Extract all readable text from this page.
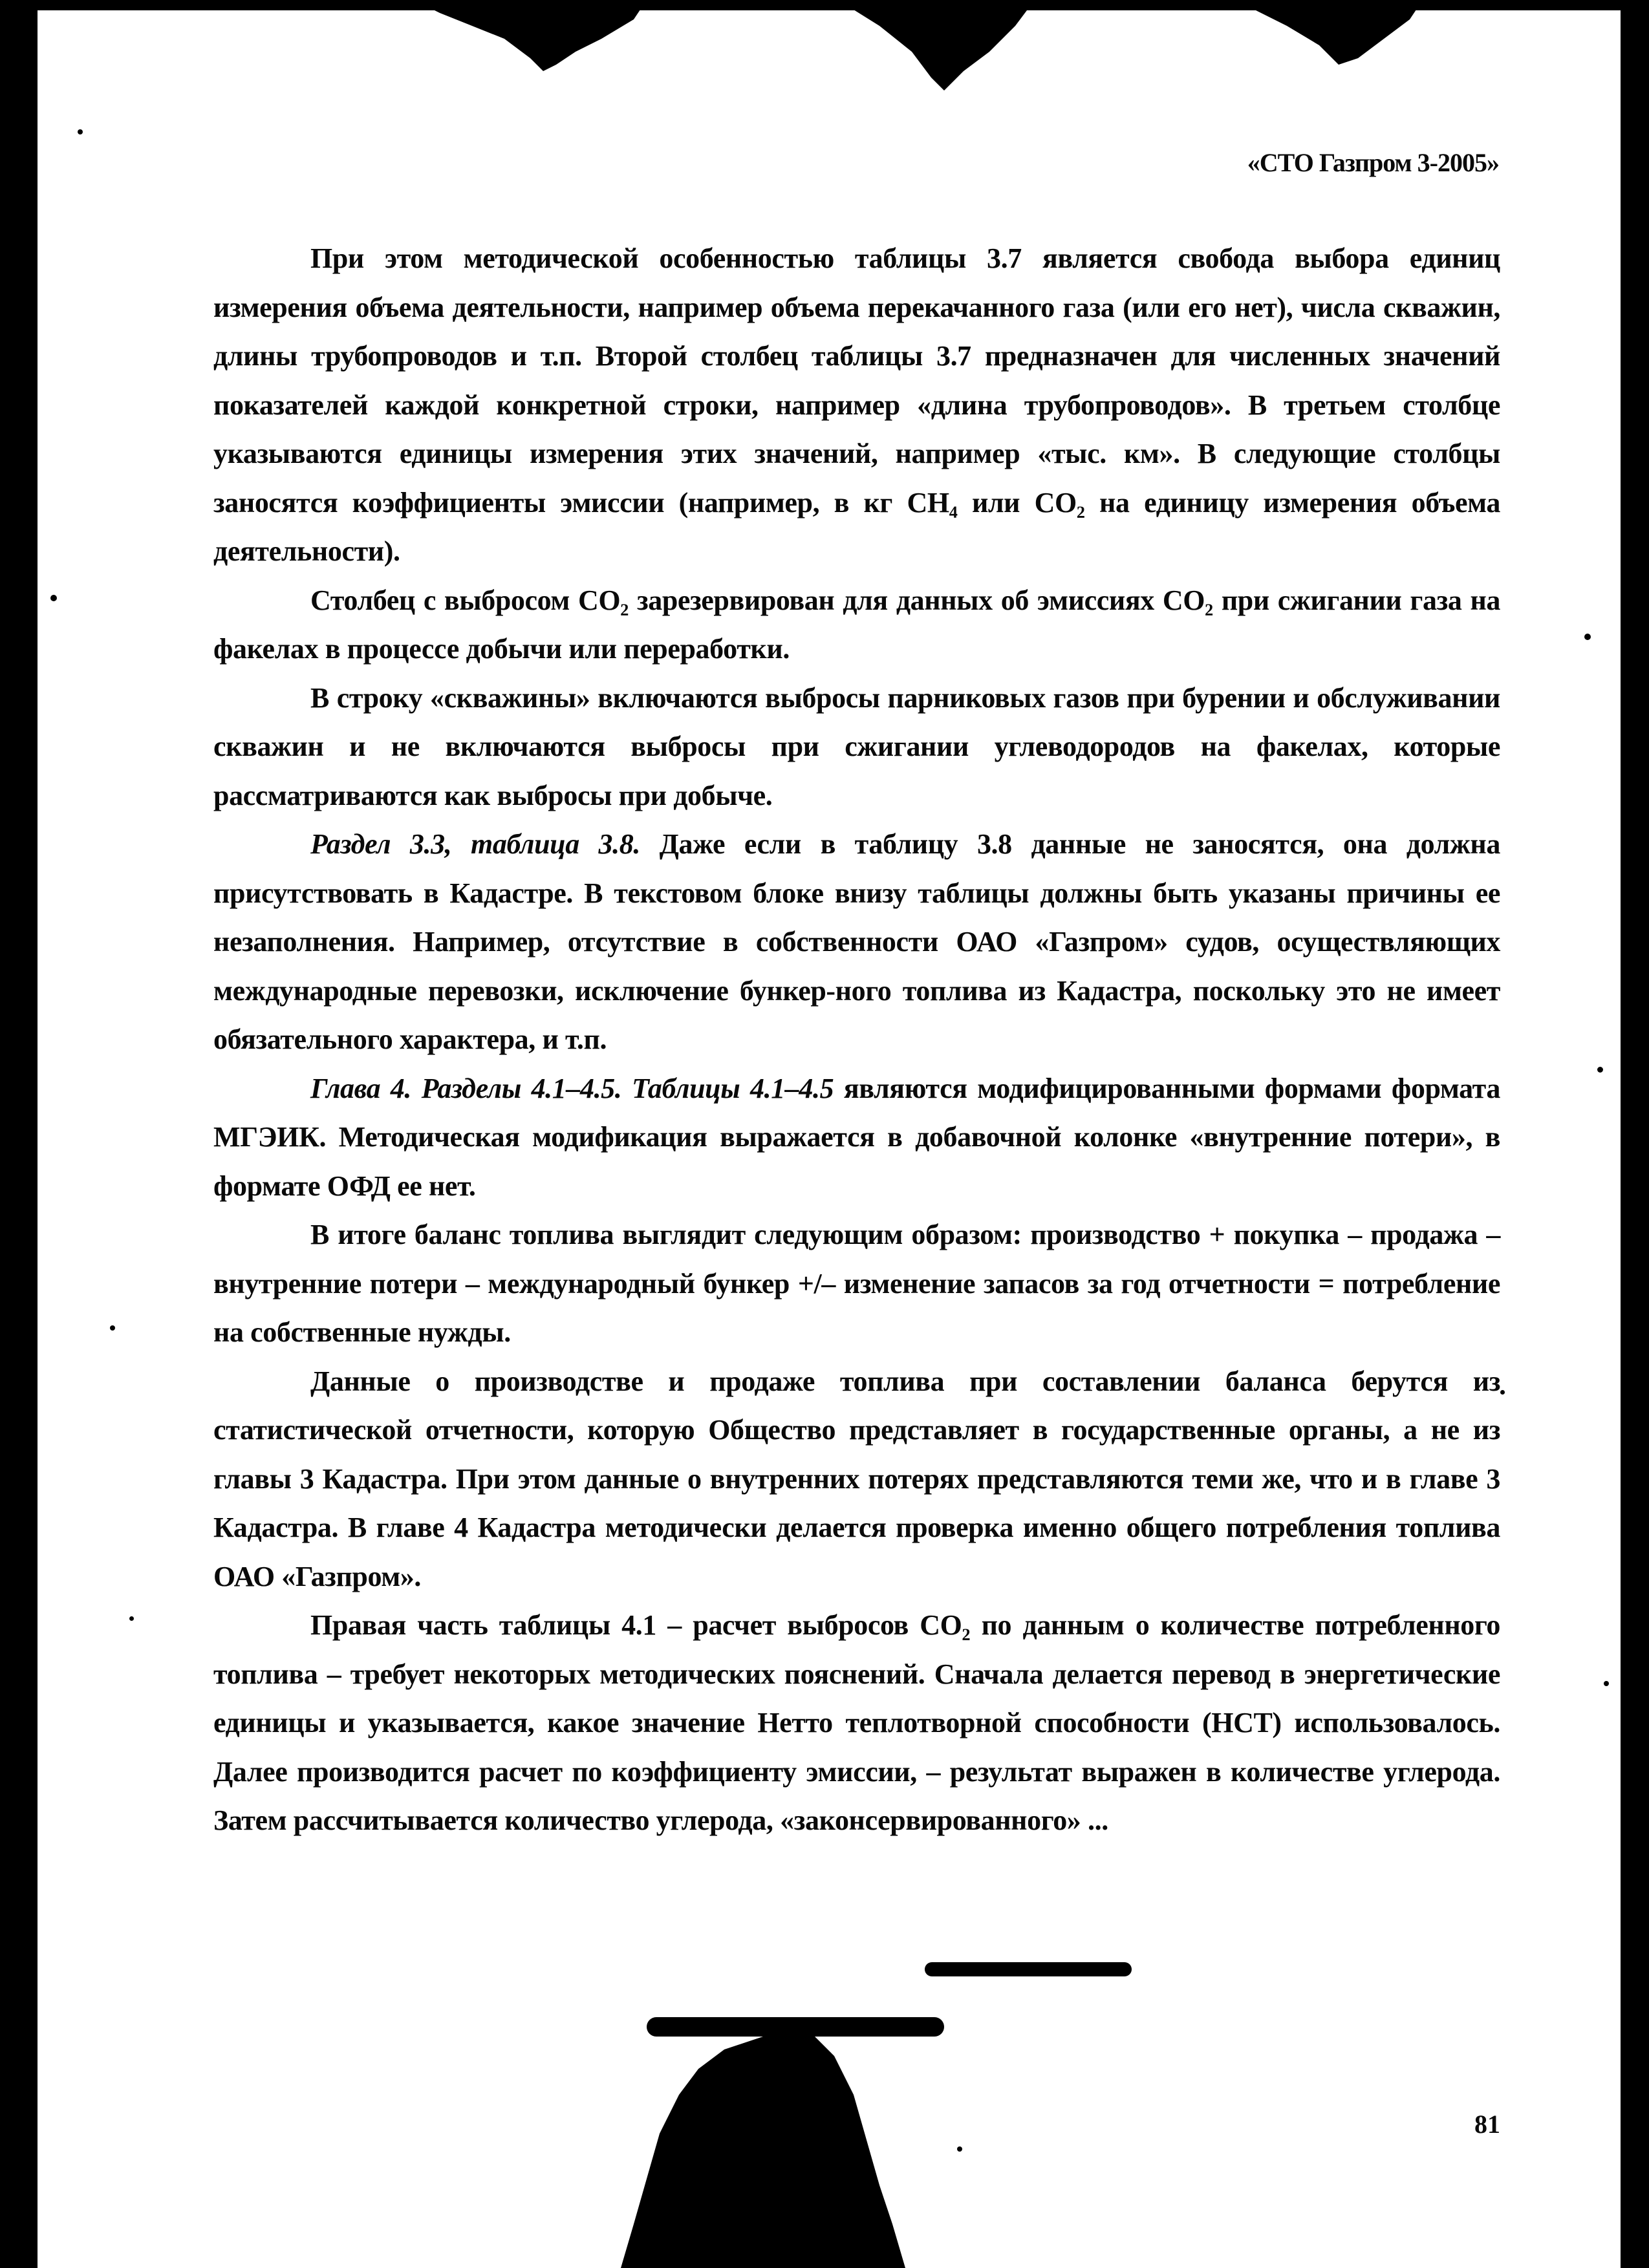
«СТО Газпром 3-2005»

При этом методической особенностью таблицы 3.7 является свобода выбора единиц измерения объема деятельности, например объема перекачанного газа (или его нет), числа скважин, длины трубопроводов и т.п. Второй столбец таблицы 3.7 предназначен для численных значений показателей каждой конкретной строки, например «длина трубопроводов». В третьем столбце указываются единицы измерения этих значений, например «тыс. км». В следующие столбцы заносятся коэффициенты эмиссии (например, в кг CH₄ или CO₂ на единицу измерения объема деятельности).

Столбец с выбросом CO₂ зарезервирован для данных об эмиссиях CO₂ при сжигании газа на факелах в процессе добычи или переработки.

В строку «скважины» включаются выбросы парниковых газов при бурении и обслуживании скважин и не включаются выбросы при сжигании углеводородов на факелах, которые рассматриваются как выбросы при добыче.

Раздел 3.3, таблица 3.8. Даже если в таблицу 3.8 данные не заносятся, она должна присутствовать в Кадастре. В текстовом блоке внизу таблицы должны быть указаны причины ее незаполнения. Например, отсутствие в собственности ОАО «Газпром» судов, осуществляющих международные перевозки, исключение бункер-ного топлива из Кадастра, поскольку это не имеет обязательного характера, и т.п.

Глава 4. Разделы 4.1–4.5. Таблицы 4.1–4.5 являются модифицированными формами формата МГЭИК. Методическая модификация выражается в добавочной колонке «внутренние потери», в формате ОФД ее нет.

В итоге баланс топлива выглядит следующим образом: производство + покупка – продажа – внутренние потери – международный бункер +/– изменение запасов за год отчетности = потребление на собственные нужды.

Данные о производстве и продаже топлива при составлении баланса берутся из статистической отчетности, которую Общество представляет в государственные органы, а не из главы 3 Кадастра. При этом данные о внутренних потерях представляются теми же, что и в главе 3 Кадастра. В главе 4 Кадастра методически делается проверка именно общего потребления топлива ОАО «Газпром».

Правая часть таблицы 4.1 – расчет выбросов CO₂ по данным о количестве потребленного топлива – требует некоторых методических пояснений. Сначала делается перевод в энергетические единицы и указывается, какое значение Нетто теплотворной способности (НСТ) использовалось. Далее производится расчет по коэффициенту эмиссии, – результат выражен в количестве углерода. Затем рассчитывается количество углерода, «законсервированного» ...

81
